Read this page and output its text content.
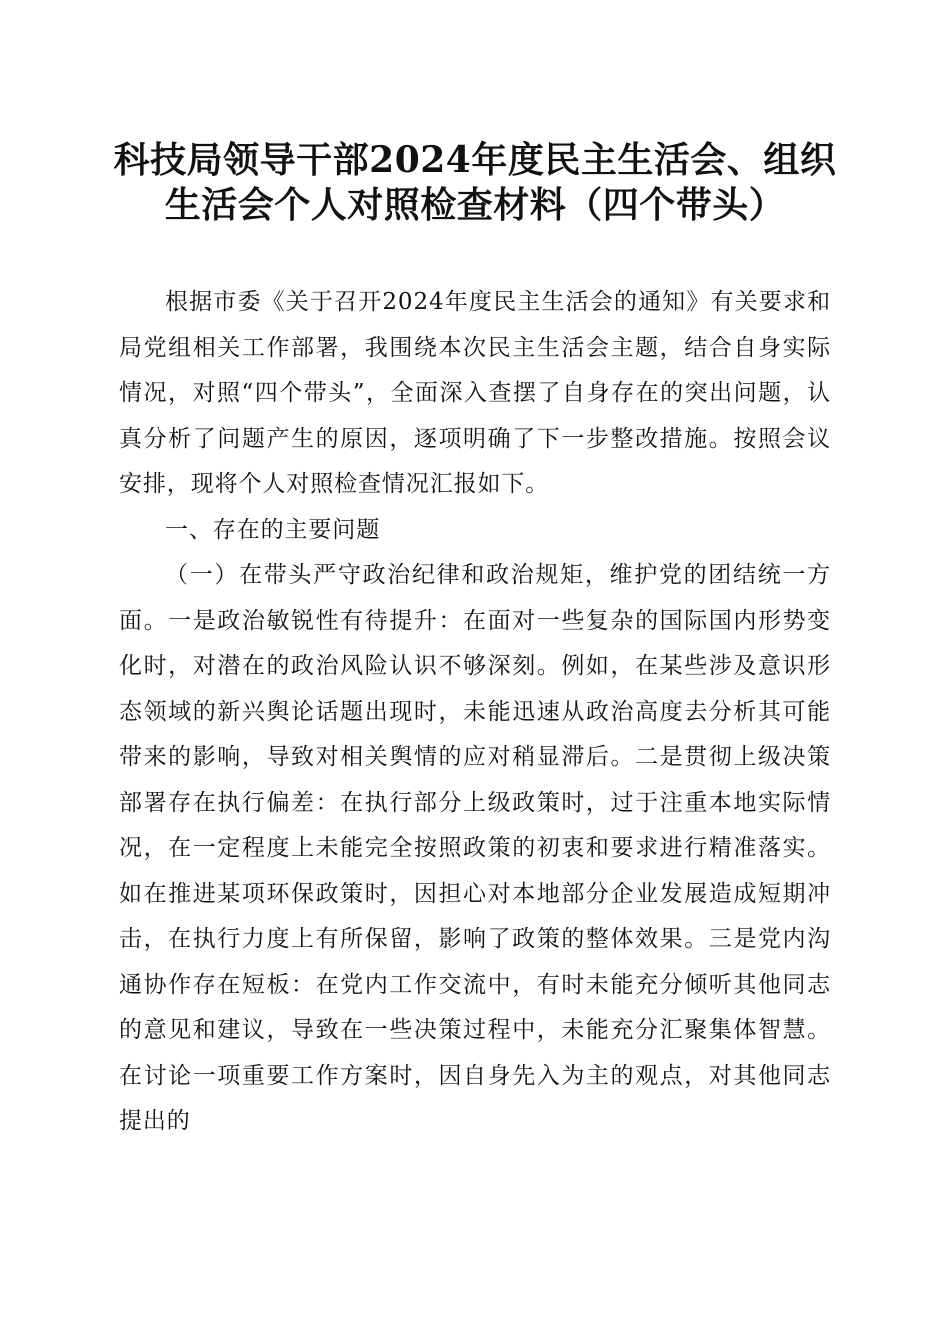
科技局领导干部2024年度民主生活会、组织
生活会个人对照检查材料（四个带头）

根据市委《关于召开2024年度民主生活会的通知》有关要求和局党组相关工作部署，我围绕本次民主生活会主题，结合自身实际情况，对照“四个带头”，全面深入查摆了自身存在的突出问题，认真分析了问题产生的原因，逐项明确了下一步整改措施。按照会议安排，现将个人对照检查情况汇报如下。

一、存在的主要问题

（一）在带头严守政治纪律和政治规矩，维护党的团结统一方面。一是政治敏锐性有待提升：在面对一些复杂的国际国内形势变化时，对潜在的政治风险认识不够深刻。例如，在某些涉及意识形态领域的新兴舆论话题出现时，未能迅速从政治高度去分析其可能带来的影响，导致对相关舆情的应对稍显滞后。二是贯彻上级决策部署存在执行偏差：在执行部分上级政策时，过于注重本地实际情况，在一定程度上未能完全按照政策的初衷和要求进行精准落实。如在推进某项环保政策时，因担心对本地部分企业发展造成短期冲击，在执行力度上有所保留，影响了政策的整体效果。三是党内沟通协作存在短板：在党内工作交流中，有时未能充分倾听其他同志的意见和建议，导致在一些决策过程中，未能充分汇聚集体智慧。在讨论一项重要工作方案时，因自身先入为主的观点，对其他同志提出的
